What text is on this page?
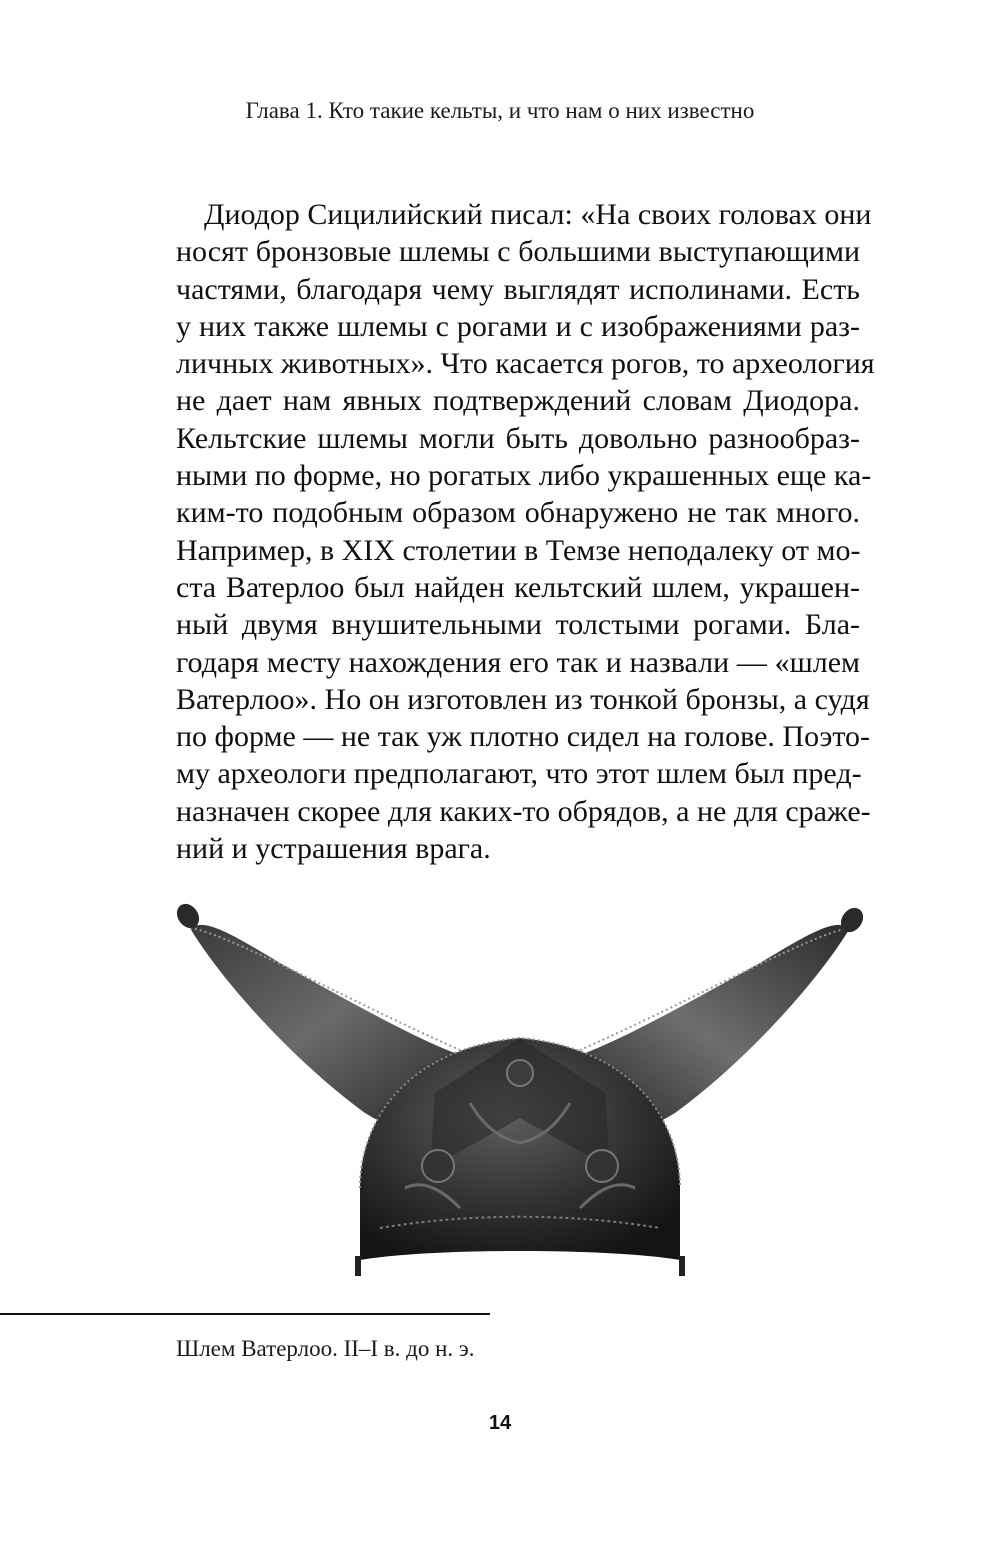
Глава 1. Кто такие кельты, и что нам о них известно
Диодор Сицилийский писал: «На своих головах они
носят бронзовые шлемы с большими выступающими
частями, благодаря чему выглядят исполинами. Есть
у них также шлемы с рогами и с изображениями раз-
личных животных». Что касается рогов, то археология
не дает нам явных подтверждений словам Диодора.
Кельтские шлемы могли быть довольно разнообраз-
ными по форме, но рогатых либо украшенных еще ка-
ким-то подобным образом обнаружено не так много.
Например, в XIX столетии в Темзе неподалеку от мо-
ста Ватерлоо был найден кельтский шлем, украшен-
ный двумя внушительными толстыми рогами. Бла-
годаря месту нахождения его так и назвали — «шлем
Ватерлоо». Но он изготовлен из тонкой бронзы, а судя
по форме — не так уж плотно сидел на голове. Поэто-
му археологи предполагают, что этот шлем был пред-
назначен скорее для каких-то обрядов, а не для сраже-
ний и устрашения врага.
Шлем Ватерлоо. II–I в. до н. э.
14
